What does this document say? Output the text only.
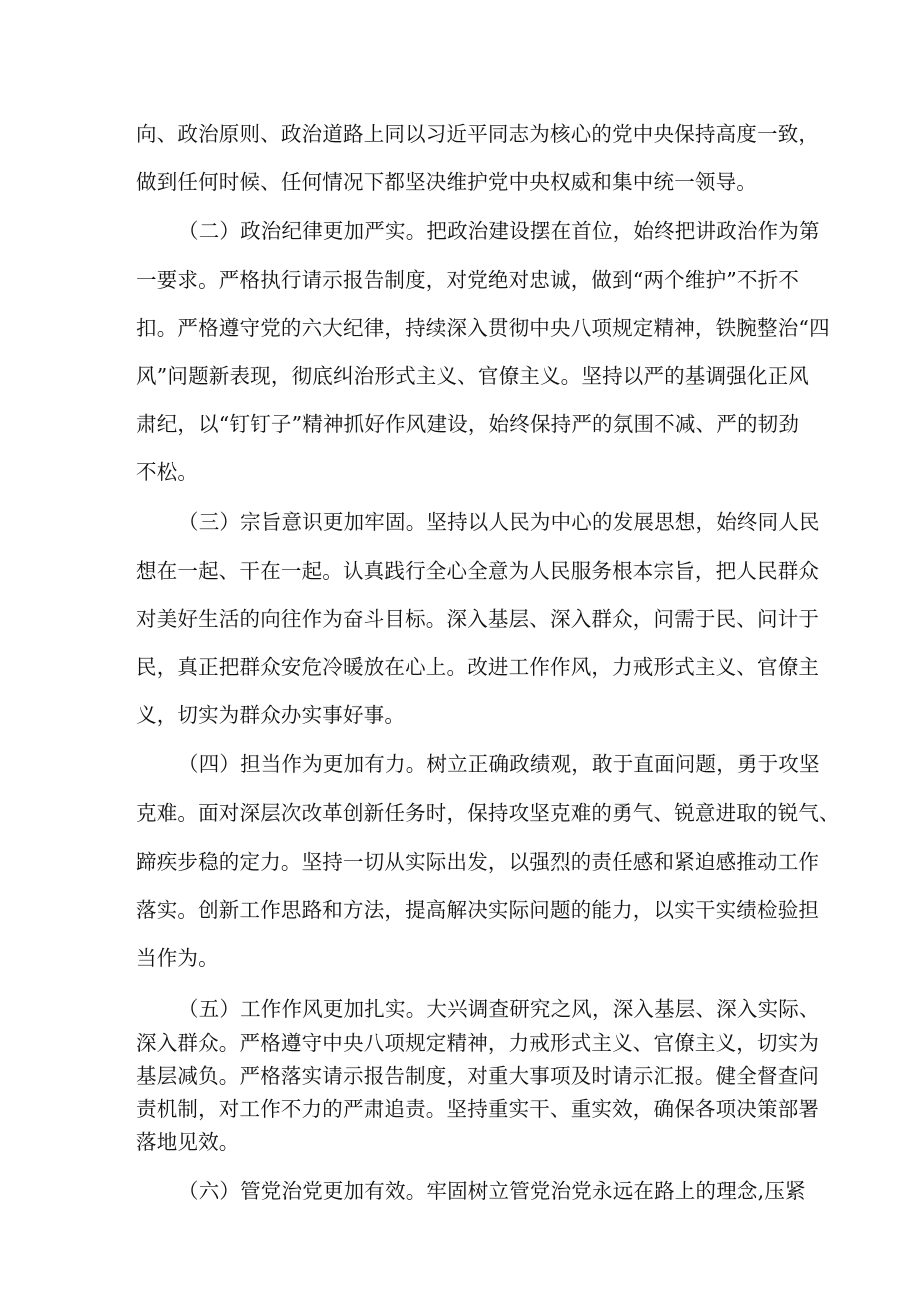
向、政治原则、政治道路上同以习近平同志为核心的党中央保持高度一致，
做到任何时候、任何情况下都坚决维护党中央权威和集中统一领导。
（二）政治纪律更加严实。把政治建设摆在首位，始终把讲政治作为第
一要求。严格执行请示报告制度，对党绝对忠诚，做到“两个维护”不折不
扣。严格遵守党的六大纪律，持续深入贯彻中央八项规定精神，铁腕整治“四
风”问题新表现，彻底纠治形式主义、官僚主义。坚持以严的基调强化正风
肃纪，以“钉钉子”精神抓好作风建设，始终保持严的氛围不减、严的韧劲
不松。
（三）宗旨意识更加牢固。坚持以人民为中心的发展思想，始终同人民
想在一起、干在一起。认真践行全心全意为人民服务根本宗旨，把人民群众
对美好生活的向往作为奋斗目标。深入基层、深入群众，问需于民、问计于
民，真正把群众安危冷暖放在心上。改进工作作风，力戒形式主义、官僚主
义，切实为群众办实事好事。
（四）担当作为更加有力。树立正确政绩观，敢于直面问题，勇于攻坚
克难。面对深层次改革创新任务时，保持攻坚克难的勇气、锐意进取的锐气、
蹄疾步稳的定力。坚持一切从实际出发，以强烈的责任感和紧迫感推动工作
落实。创新工作思路和方法，提高解决实际问题的能力，以实干实绩检验担
当作为。
（五）工作作风更加扎实。大兴调查研究之风，深入基层、深入实际、
深入群众。严格遵守中央八项规定精神，力戒形式主义、官僚主义，切实为
基层减负。严格落实请示报告制度，对重大事项及时请示汇报。健全督查问
责机制，对工作不力的严肃追责。坚持重实干、重实效，确保各项决策部署
落地见效。
（六）管党治党更加有效。牢固树立管党治党永远在路上的理念,压紧
